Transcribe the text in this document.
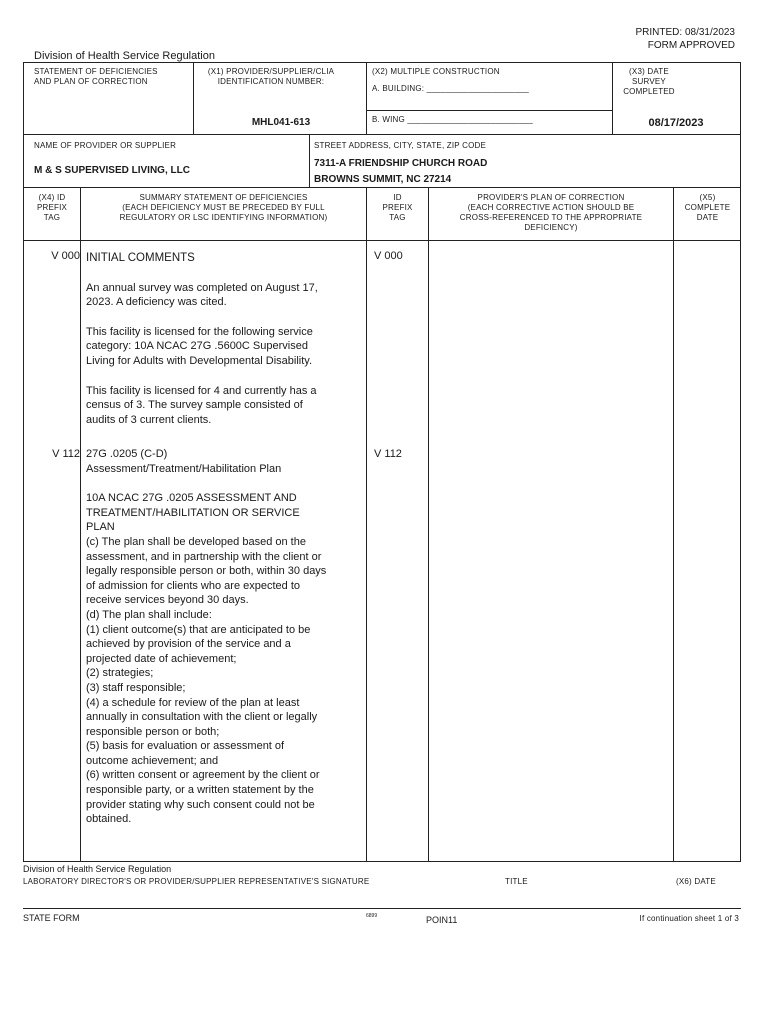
PRINTED: 08/31/2023
FORM APPROVED
Division of Health Service Regulation
STATEMENT OF DEFICIENCIES
AND PLAN OF CORRECTION
(X1) PROVIDER/SUPPLIER/CLIA
IDENTIFICATION NUMBER:
MHL041-613
(X2) MULTIPLE CONSTRUCTION
A. BUILDING: ______________________
B. WING ___________________________
(X3) DATE SURVEY
COMPLETED
08/17/2023
NAME OF PROVIDER OR SUPPLIER
M & S SUPERVISED LIVING, LLC
STREET ADDRESS, CITY, STATE, ZIP CODE
7311-A FRIENDSHIP CHURCH ROAD
BROWNS SUMMIT, NC 27214
(X4) ID
PREFIX
TAG
SUMMARY STATEMENT OF DEFICIENCIES
(EACH DEFICIENCY MUST BE PRECEDED BY FULL
REGULATORY OR LSC IDENTIFYING INFORMATION)
ID
PREFIX
TAG
PROVIDER'S PLAN OF CORRECTION
(EACH CORRECTIVE ACTION SHOULD BE
CROSS-REFERENCED TO THE APPROPRIATE
DEFICIENCY)
(X5)
COMPLETE
DATE
V 000	V 000
INITIAL COMMENTS
An annual survey was completed on August 17,
2023. A deficiency was cited.
This facility is licensed for the following service
category: 10A NCAC 27G .5600C Supervised
Living for Adults with Developmental Disability.
This facility is licensed for 4 and currently has a
census of 3. The survey sample consisted of
audits of 3 current clients.
V 112	V 112
27G .0205 (C-D)
Assessment/Treatment/Habilitation Plan
10A NCAC 27G .0205 ASSESSMENT AND
TREATMENT/HABILITATION OR SERVICE
PLAN
(c) The plan shall be developed based on the
assessment, and in partnership with the client or
legally responsible person or both, within 30 days
of admission for clients who are expected to
receive services beyond 30 days.
(d) The plan shall include:
(1) client outcome(s) that are anticipated to be
achieved by provision of the service and a
projected date of achievement;
(2) strategies;
(3) staff responsible;
(4) a schedule for review of the plan at least
annually in consultation with the client or legally
responsible person or both;
(5) basis for evaluation or assessment of
outcome achievement; and
(6) written consent or agreement by the client or
responsible party, or a written statement by the
provider stating why such consent could not be
obtained.
Division of Health Service Regulation
LABORATORY DIRECTOR'S OR PROVIDER/SUPPLIER REPRESENTATIVE'S SIGNATURE	TITLE	(X6) DATE
STATE FORM	6899	POIN11	If continuation sheet 1 of 3
